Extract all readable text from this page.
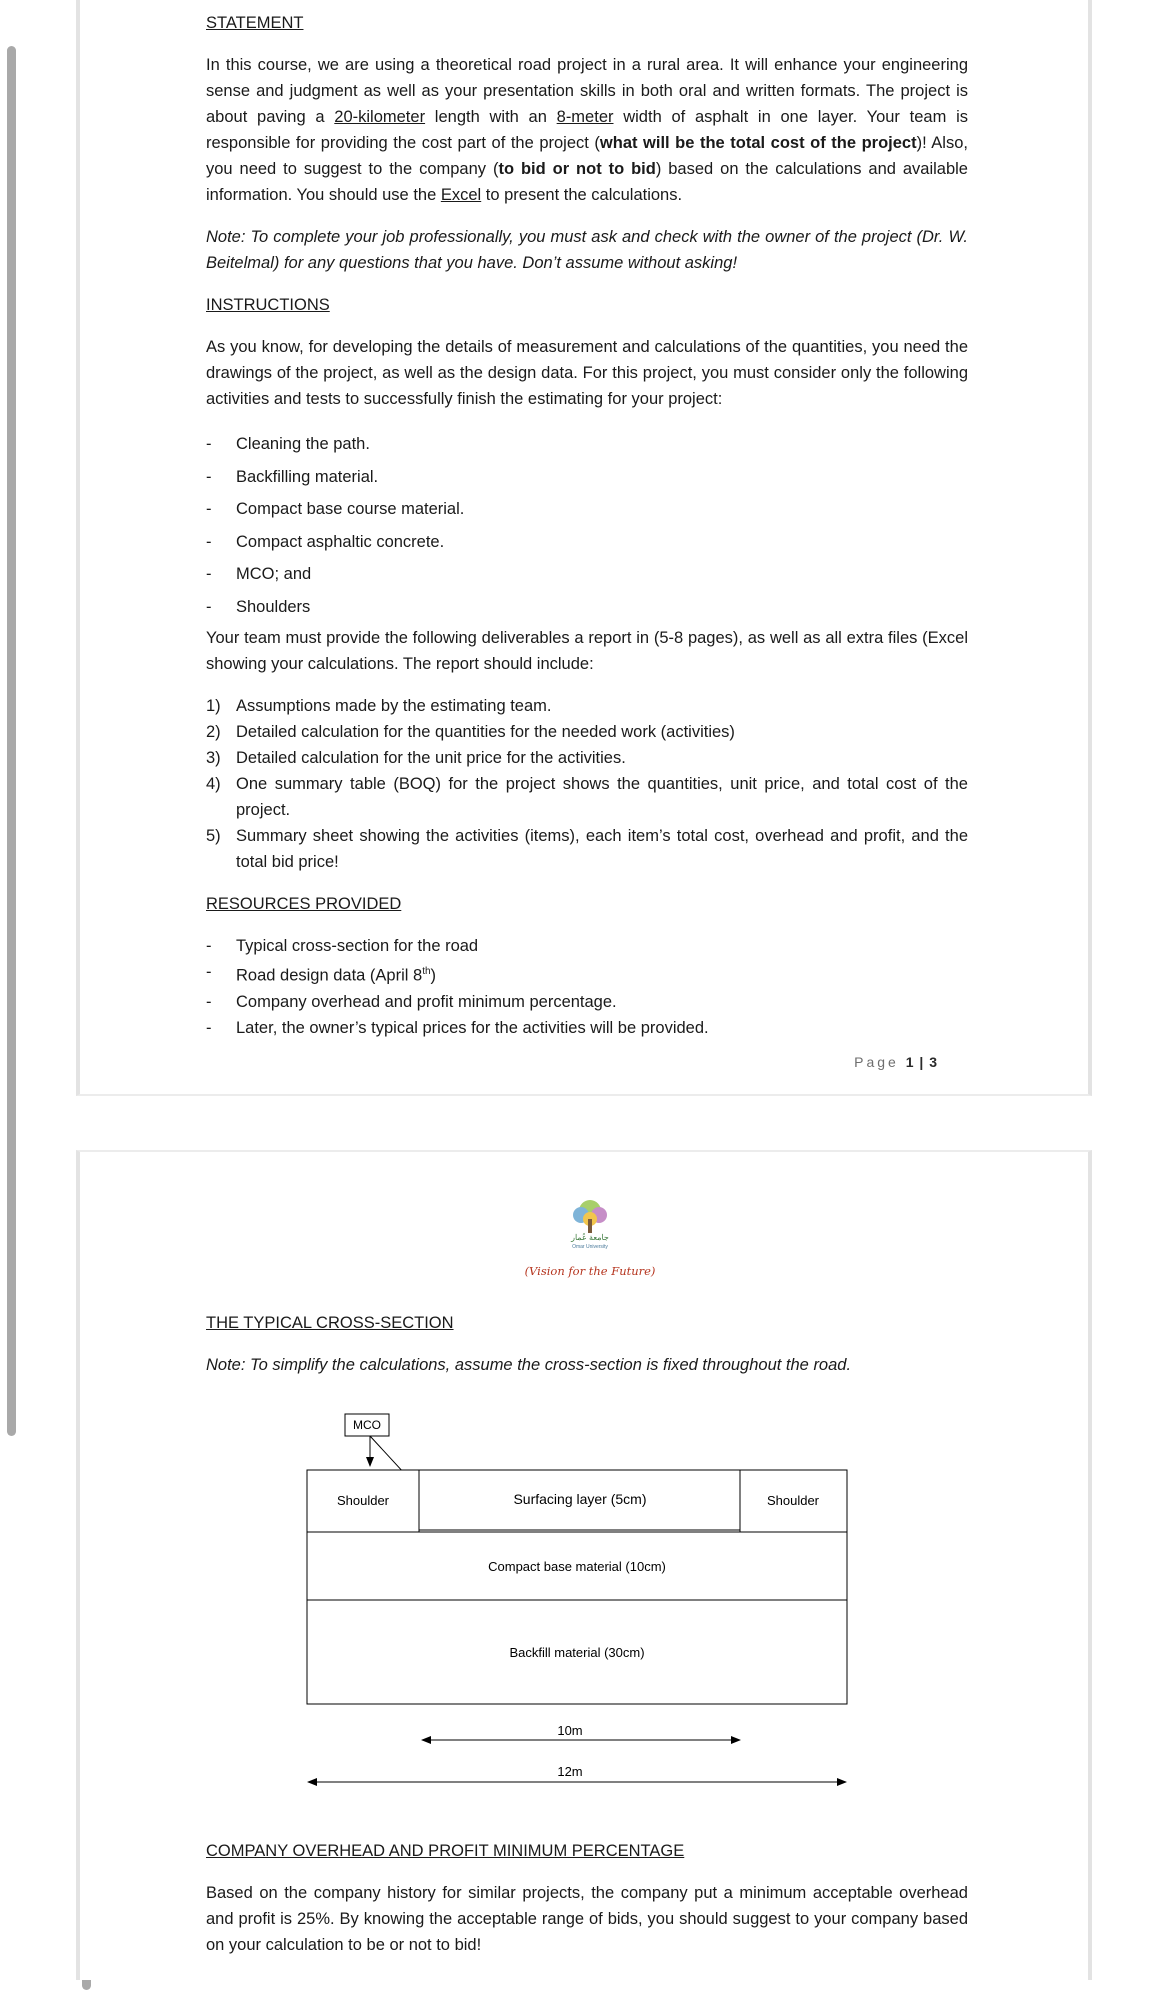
STATEMENT

In this course, we are using a theoretical road project in a rural area. It will enhance your engineering sense and judgment as well as your presentation skills in both oral and written formats. The project is about paving a 20-kilometer length with an 8-meter width of asphalt in one layer. Your team is responsible for providing the cost part of the project (what will be the total cost of the project)! Also, you need to suggest to the company (to bid or not to bid) based on the calculations and available information. You should use the Excel to present the calculations.

Note: To complete your job professionally, you must ask and check with the owner of the project (Dr. W. Beitelmal) for any questions that you have. Don’t assume without asking!

INSTRUCTIONS

As you know, for developing the details of measurement and calculations of the quantities, you need the drawings of the project, as well as the design data. For this project, you must consider only the following activities and tests to successfully finish the estimating for your project:

- Cleaning the path.
- Backfilling material.
- Compact base course material.
- Compact asphaltic concrete.
- MCO; and
- Shoulders

Your team must provide the following deliverables a report in (5-8 pages), as well as all extra files (Excel showing your calculations. The report should include:

1) Assumptions made by the estimating team.
2) Detailed calculation for the quantities for the needed work (activities)
3) Detailed calculation for the unit price for the activities.
4) One summary table (BOQ) for the project shows the quantities, unit price, and total cost of the project.
5) Summary sheet showing the activities (items), each item’s total cost, overhead and profit, and the total bid price!
RESOURCES PROVIDED
- Typical cross-section for the road
- Road design data (April 8th)
- Company overhead and profit minimum percentage.
- Later, the owner’s typical prices for the activities will be provided.
Page 1 | 3
جامعة عُمار
Omar University
(Vision for the Future)
THE TYPICAL CROSS-SECTION

Note: To simplify the calculations, assume the cross-section is fixed throughout the road.

MCO
Shoulder	Surfacing layer (5cm)	Shoulder
Compact base material (10cm)
Backfill material (30cm)
10m
12m
COMPANY OVERHEAD AND PROFIT MINIMUM PERCENTAGE

Based on the company history for similar projects, the company put a minimum acceptable overhead and profit is 25%. By knowing the acceptable range of bids, you should suggest to your company based on your calculation to be or not to bid!
